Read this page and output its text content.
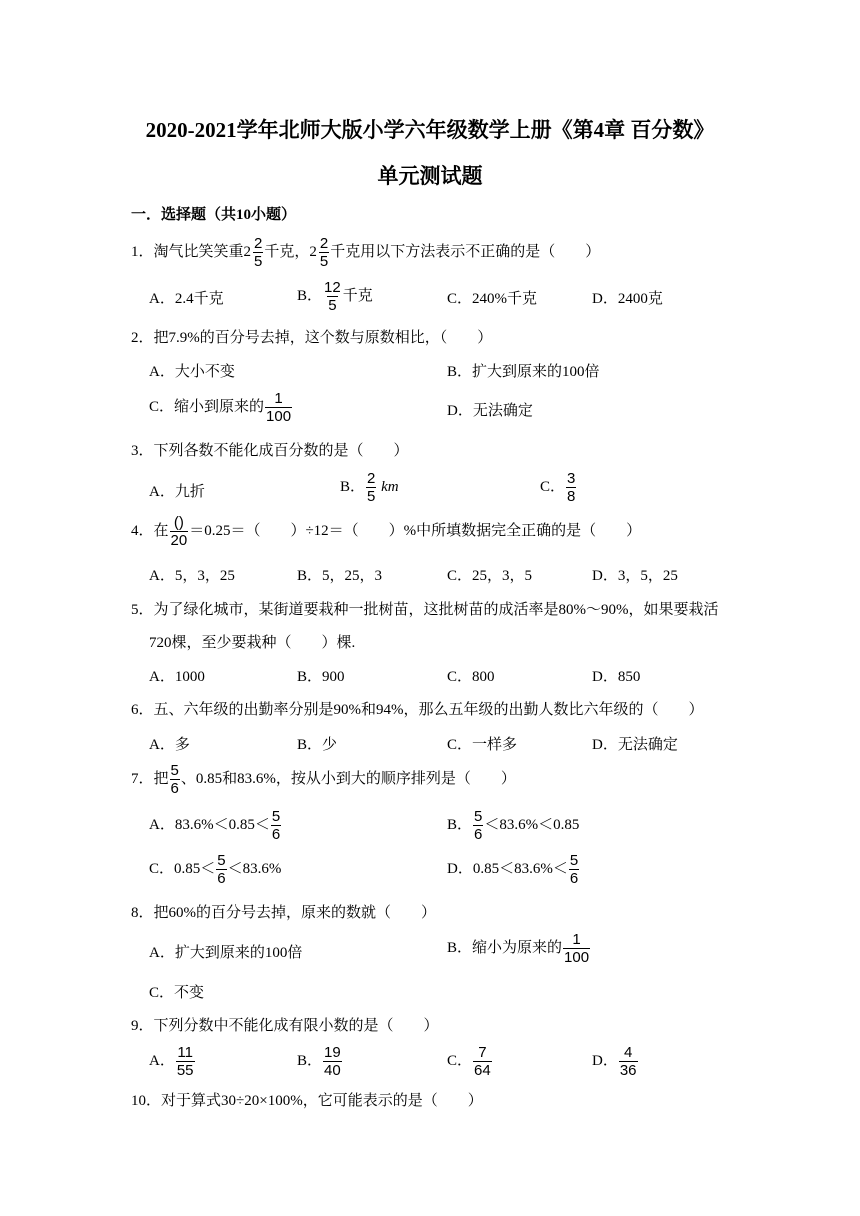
2020-2021学年北师大版小学六年级数学上册《第4章 百分数》
单元测试题
一．选择题（共10小题）
1．淘气比笑笑重 $2 \frac{2}{5}$ 千克， $2 \frac{2}{5}$ 千克用以下方法表示不正确的是（　　）
A．2.4千克	B． $\frac{12}{5}$ 千克	C．240%千克	D．2400克
2．把7.9%的百分号去掉，这个数与原数相比，（　　）
A．大小不变	B．扩大到原来的100倍
C．缩小到原来的 $\frac{1}{100}$	D．无法确定
3．下列各数不能化成百分数的是（　　）
A．九折	B． $\frac{2}{5}$ km	C． $\frac{3}{8}$
4．在 $\frac{()}{20} =0.25=$（　　）÷12＝（　　）%中所填数据完全正确的是（　　）
A．5，3，25	B．5，25，3	C．25，3，5	D．3，5，25
5．为了绿化城市，某街道要栽种一批树苗，这批树苗的成活率是80%～90%，如果要栽活
720棵，至少要栽种（　　）棵.
A．1000	B．900	C．800	D．850
6．五、六年级的出勤率分别是90%和94%，那么五年级的出勤人数比六年级的（　　）
A．多	B．少	C．一样多	D．无法确定
7．把 $\frac{5}{6}$ 、0.85和83.6%，按从小到大的顺序排列是（　　）
A．$83.6\%<0.85< \frac{5}{6}$	B． $\frac{5}{6} <83.6\%<0.85$
C．$0.85< \frac{5}{6} <83.6\%$	D．$0.85<83.6\%< \frac{5}{6}$
8．把60%的百分号去掉，原来的数就（　　）
A．扩大到原来的100倍	B．缩小为原来的 $\frac{1}{100}$
C．不变
9．下列分数中不能化成有限小数的是（　　）
A． $\frac{11}{55}$	B． $\frac{19}{40}$	C． $\frac{7}{64}$	D． $\frac{4}{36}$
10．对于算式30÷20×100%，它可能表示的是（　　）
